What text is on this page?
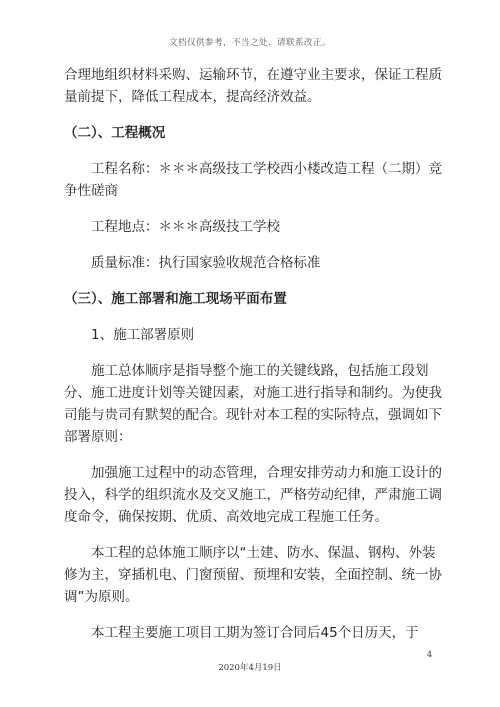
文档仅供参考，不当之处，请联系改正。

合理地组织材料采购、运输环节，在遵守业主要求，保证工程质量前提下，降低工程成本，提高经济效益。

（二）、工程概况

工程名称：＊＊＊高级技工学校西小楼改造工程（二期）竞争性磋商

工程地点：＊＊＊高级技工学校

质量标准：执行国家验收规范合格标准

（三）、施工部署和施工现场平面布置

1、施工部署原则

施工总体顺序是指导整个施工的关键线路，包括施工段划分、施工进度计划等关键因素，对施工进行指导和制约。为使我司能与贵司有默契的配合。现针对本工程的实际特点，强调如下部署原则：

加强施工过程中的动态管理，合理安排劳动力和施工设计的投入，科学的组织流水及交叉施工，严格劳动纪律，严肃施工调度命令，确保按期、优质、高效地完成工程施工任务。

本工程的总体施工顺序以“土建、防水、保温、钢构、外装修为主，穿插机电、门窗预留、预埋和安装，全面控制、统一协调”为原则。

本工程主要施工项目工期为签订合同后45个日历天，于

4
2020年4月19日
